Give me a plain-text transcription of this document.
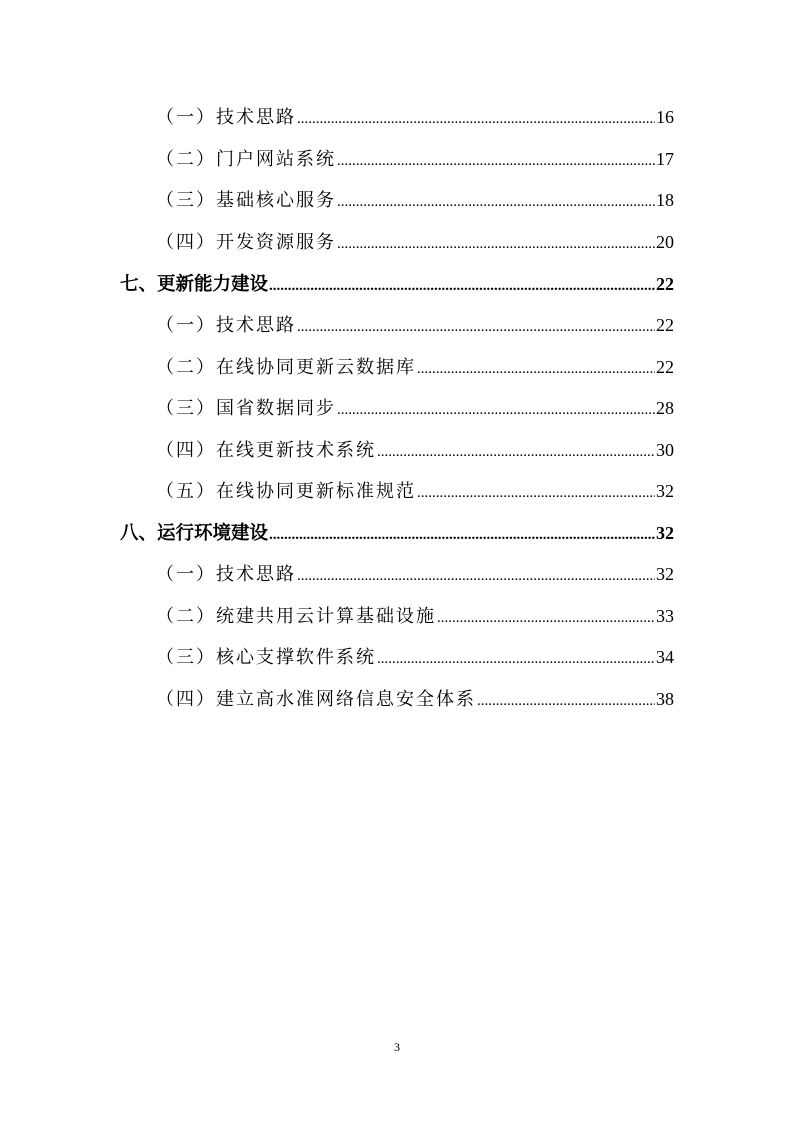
（一）技术思路 .....	16
（二）门户网站系统 .....	17
（三）基础核心服务 .....	18
（四）开发资源服务 .....	20
七、更新能力建设 .....	22
（一）技术思路 .....	22
（二）在线协同更新云数据库 .....	22
（三）国省数据同步 .....	28
（四）在线更新技术系统 .....	30
（五）在线协同更新标准规范 .....	32
八、运行环境建设 .....	32
（一）技术思路 .....	32
（二）统建共用云计算基础设施 .....	33
（三）核心支撑软件系统 .....	34
（四）建立高水准网络信息安全体系 .....	38
3
